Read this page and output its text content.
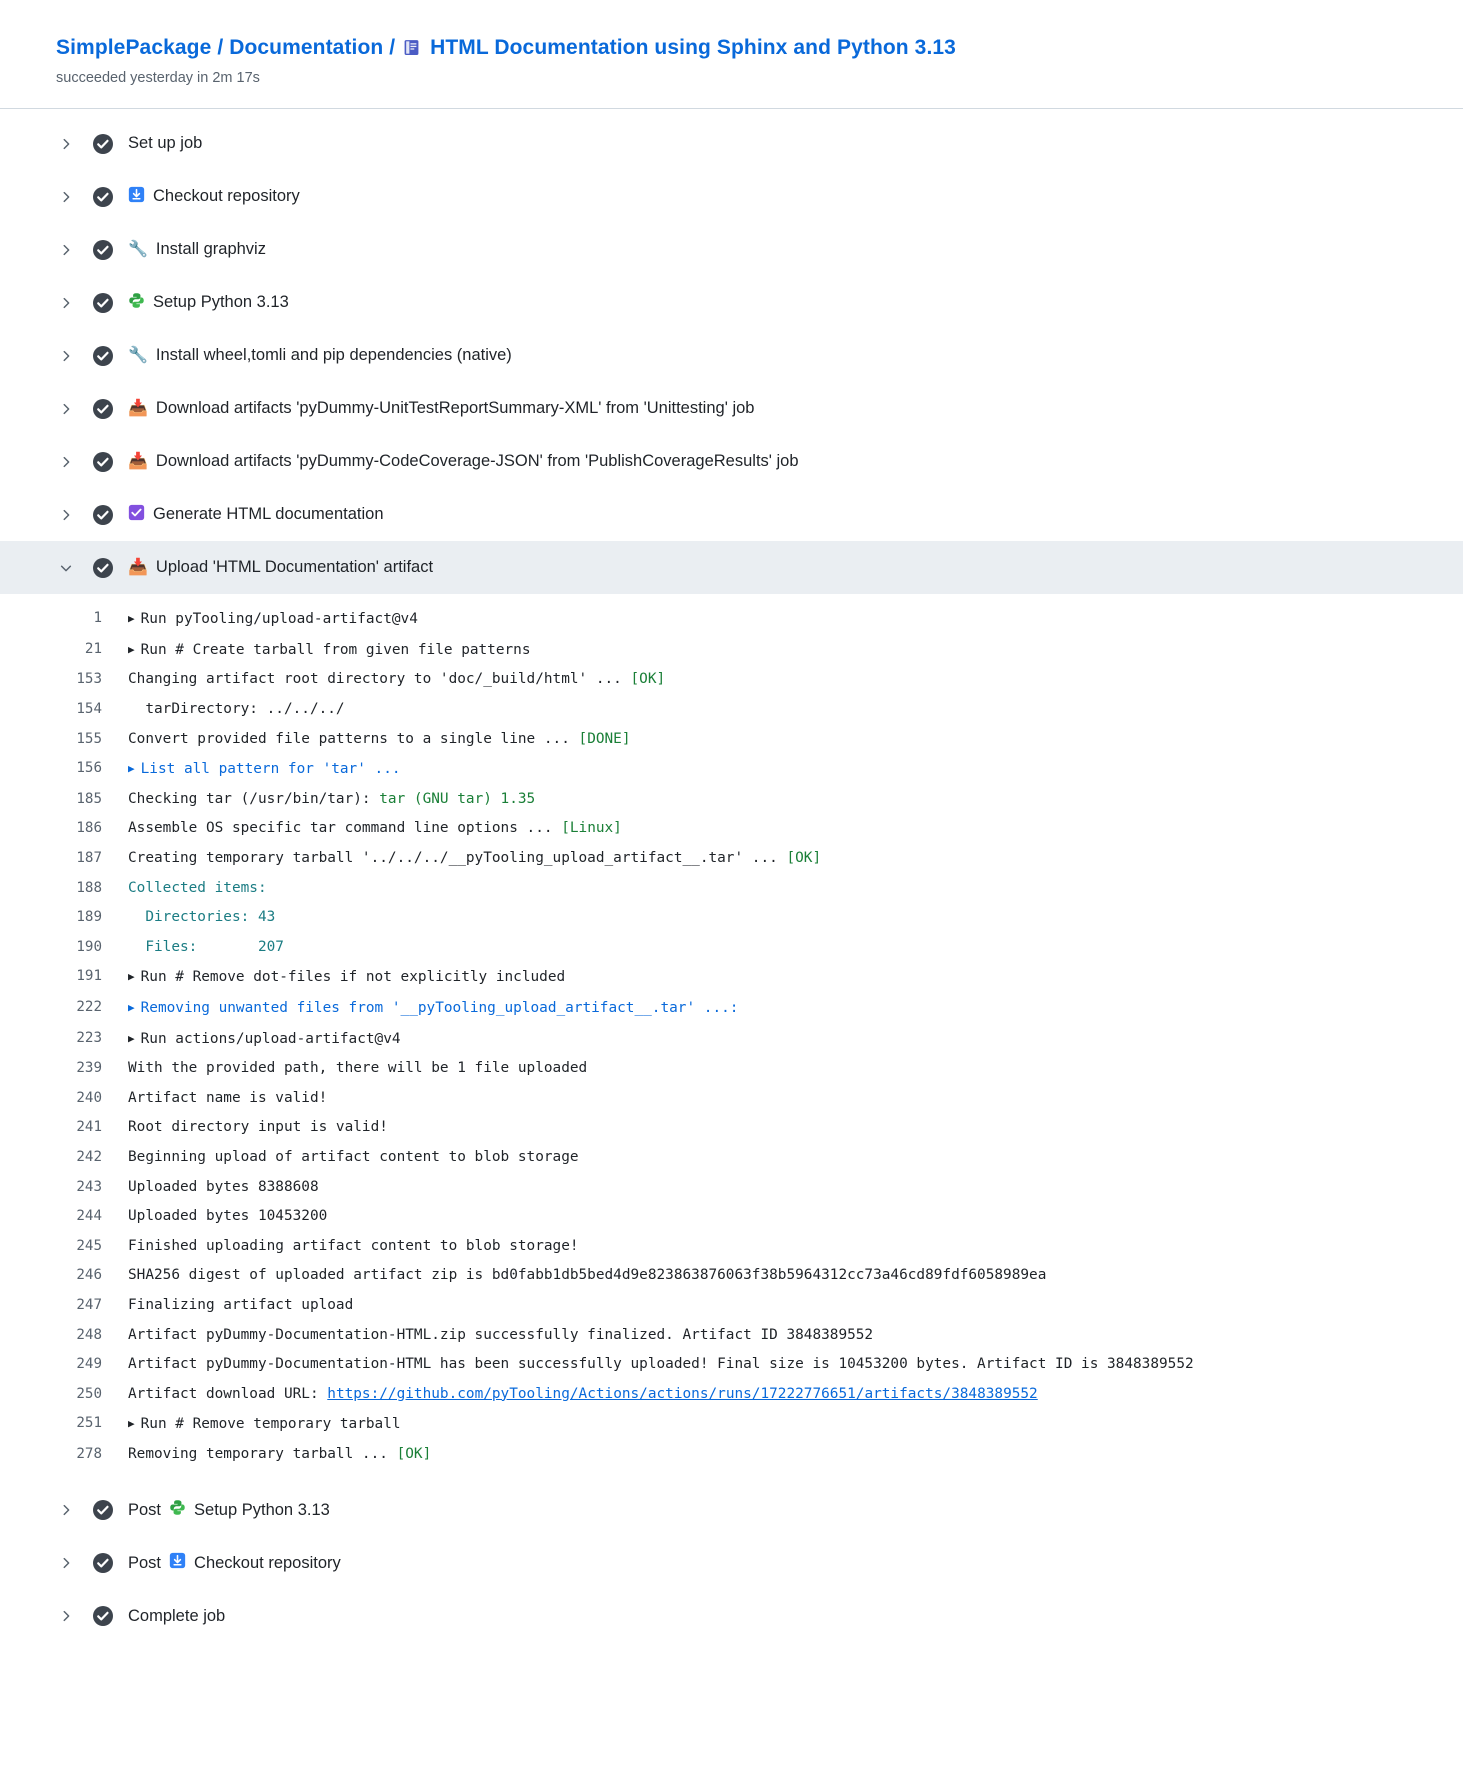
SimplePackage / Documentation / HTML Documentation using Sphinx and Python 3.13
succeeded yesterday in 2m 17s
Set up job
Checkout repository
🔧 Install graphviz
Setup Python 3.13
🔧 Install wheel,tomli and pip dependencies (native)
📥 Download artifacts 'pyDummy-UnitTestReportSummary-XML' from 'Unittesting' job
📥 Download artifacts 'pyDummy-CodeCoverage-JSON' from 'PublishCoverageResults' job
Generate HTML documentation
📥 Upload 'HTML Documentation' artifact
1	▶ Run pyTooling/upload-artifact@v4
21	▶ Run # Create tarball from given file patterns
153	Changing artifact root directory to 'doc/_build/html' ... [OK]
154	tarDirectory: ../../../
155	Convert provided file patterns to a single line ... [DONE]
156	▶ List all pattern for 'tar' ...
185	Checking tar (/usr/bin/tar): tar (GNU tar) 1.35
186	Assemble OS specific tar command line options ... [Linux]
187	Creating temporary tarball '../../../__pyTooling_upload_artifact__.tar' ... [OK]
188	Collected items:
189	Directories: 43
190	Files:       207
191	▶ Run # Remove dot-files if not explicitly included
222	▶ Removing unwanted files from '__pyTooling_upload_artifact__.tar' ...:
223	▶ Run actions/upload-artifact@v4
239	With the provided path, there will be 1 file uploaded
240	Artifact name is valid!
241	Root directory input is valid!
242	Beginning upload of artifact content to blob storage
243	Uploaded bytes 8388608
244	Uploaded bytes 10453200
245	Finished uploading artifact content to blob storage!
246	SHA256 digest of uploaded artifact zip is bd0fabb1db5bed4d9e823863876063f38b5964312cc73a46cd89fdf6058989ea
247	Finalizing artifact upload
248	Artifact pyDummy-Documentation-HTML.zip successfully finalized. Artifact ID 3848389552
249	Artifact pyDummy-Documentation-HTML has been successfully uploaded! Final size is 10453200 bytes. Artifact ID is 3848389552
250	Artifact download URL: https://github.com/pyTooling/Actions/actions/runs/17222776651/artifacts/3848389552
251	▶ Run # Remove temporary tarball
278	Removing temporary tarball ... [OK]
Post Setup Python 3.13
Post Checkout repository
Complete job
